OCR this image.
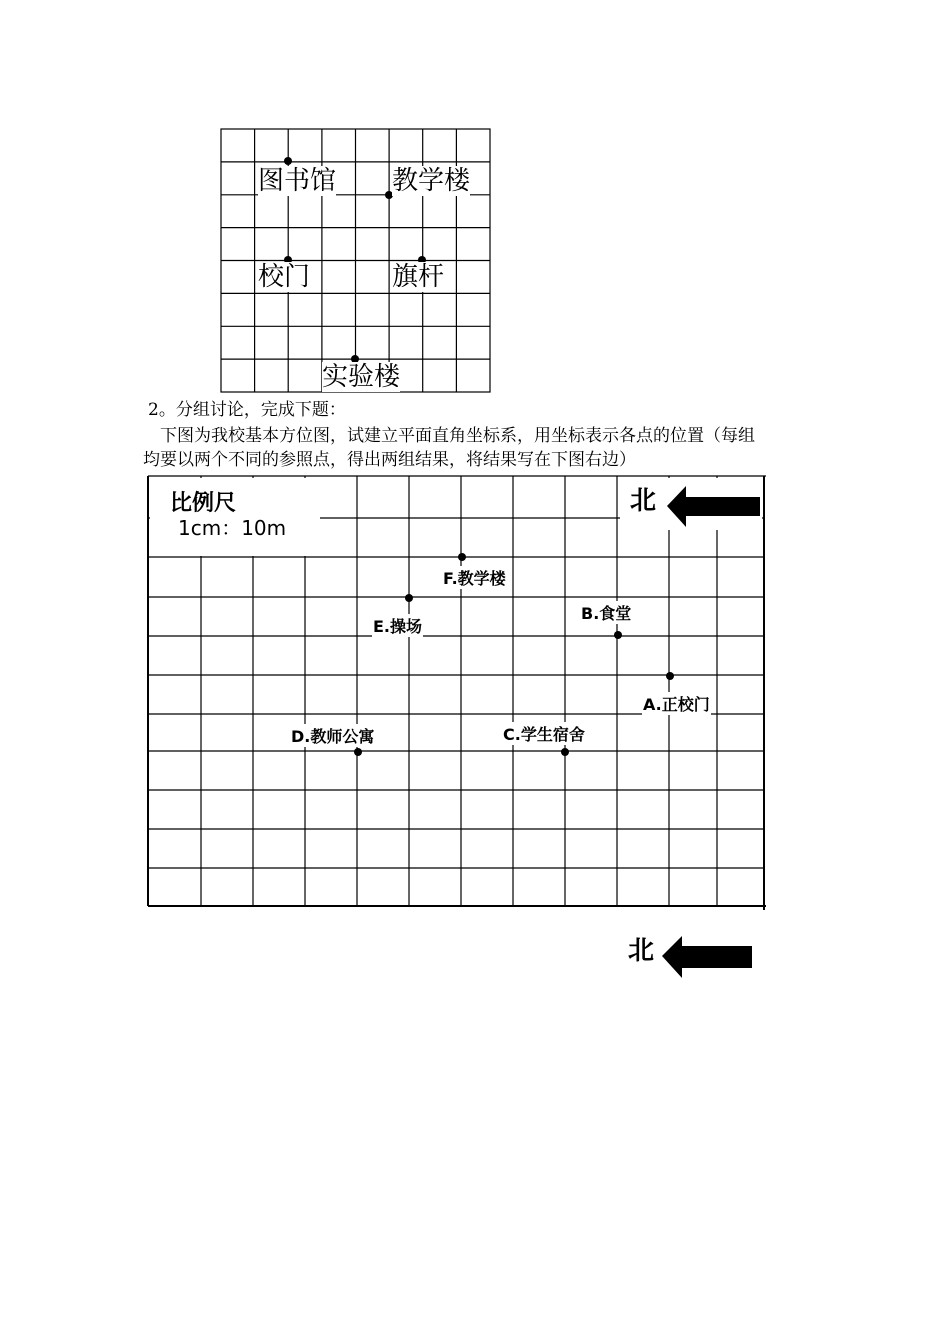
图书馆 教学楼
校门	旗杆
实验楼
2。分组讨论，完成下题：
下图为我校基本方位图，试建立平面直角坐标系，用坐标表示各点的位置（每组
均要以两个不同的参照点，得出两组结果，将结果写在下图右边）
比例尺
1cm：10m
北
F.教学楼
E.操场
B.食堂
A.正校门
D.教师公寓	C.学生宿舍
北
